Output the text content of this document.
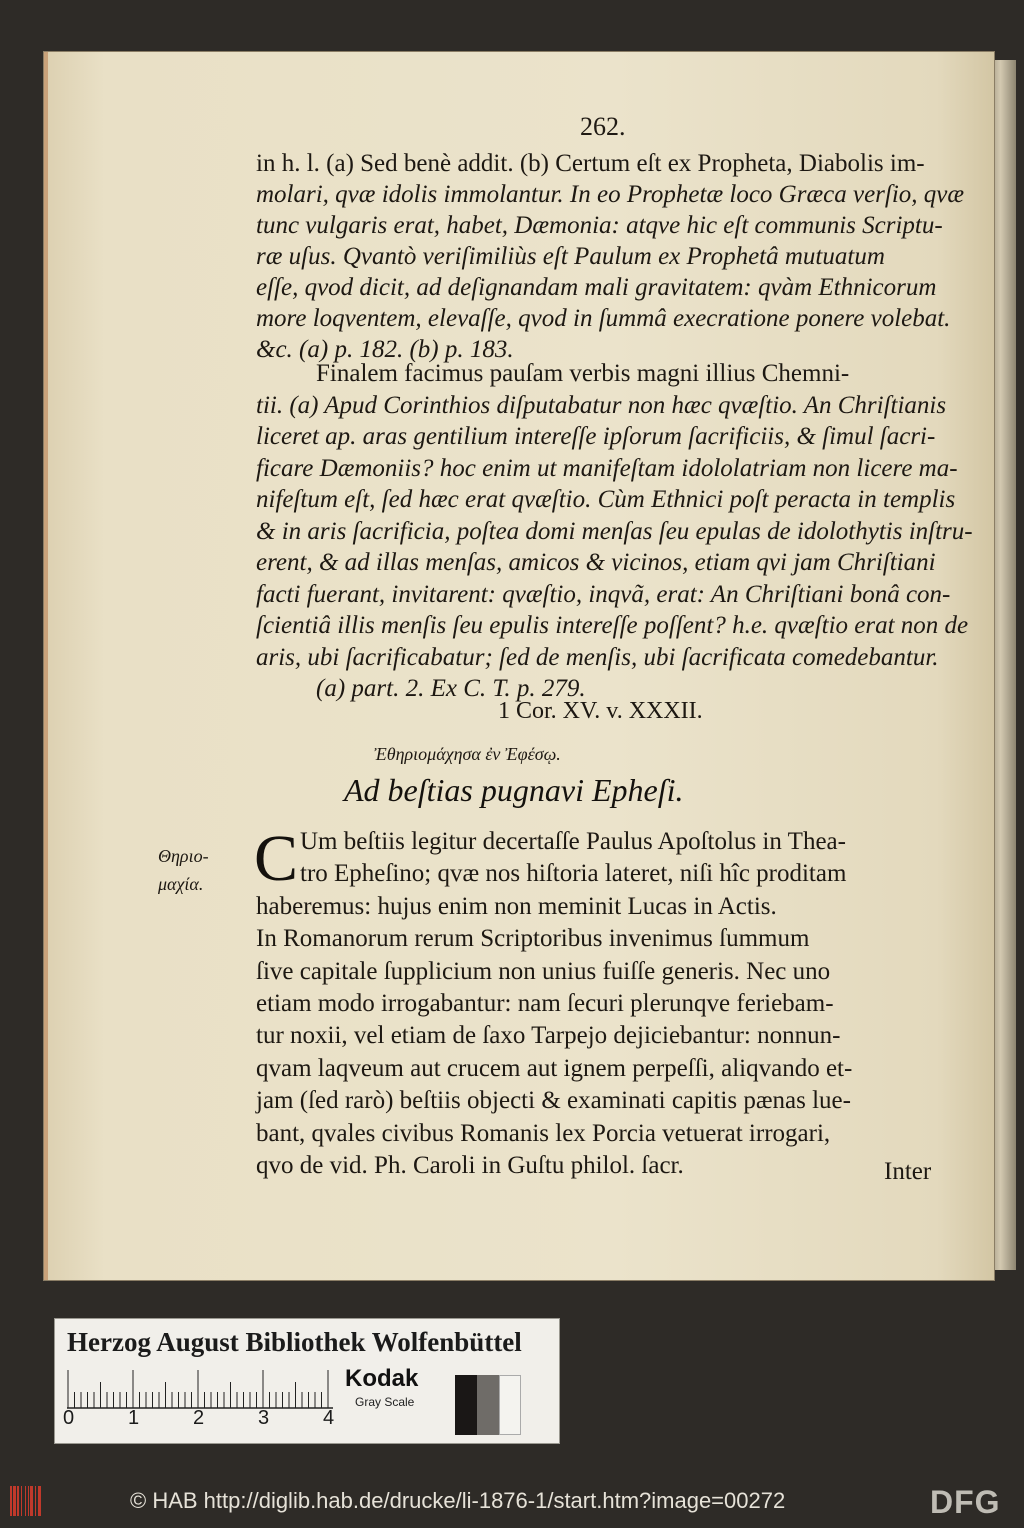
262.
in h. l. (a) Sed benè addit. (b) Certum eſt ex Propheta, Diabolis im-
molari, qvæ idolis immolantur. In eo Prophetæ loco Græca verſio, qvæ
tunc vulgaris erat, habet, Dæmonia: atqve hic eſt communis Scriptu-
ræ uſus. Qvantò veriſimiliùs eſt Paulum ex Prophetâ mutuatum
eſſe, qvod dicit, ad deſignandam mali gravitatem: qvàm Ethnicorum
more loqventem, elevaſſe, qvod in ſummâ execratione ponere volebat.
&c. (a) p. 182. (b) p. 183.
Finalem facimus pauſam verbis magni illius Chemni-
tii. (a) Apud Corinthios diſputabatur non hæc qvæſtio. An Chriſtianis
liceret ap. aras gentilium intereſſe ipſorum ſacrificiis, & ſimul ſacri-
ficare Dæmoniis? hoc enim ut manifeſtam idololatriam non licere ma-
nifeſtum eſt, ſed hæc erat qvæſtio. Cùm Ethnici poſt peracta in templis
& in aris ſacrificia, poſtea domi menſas ſeu epulas de idolothytis inſtru-
erent, & ad illas menſas, amicos & vicinos, etiam qvi jam Chriſtiani
facti fuerant, invitarent: qvæſtio, inqvã, erat: An Chriſtiani bonâ con-
ſcientiâ illis menſis ſeu epulis intereſſe poſſent? h.e. qvæſtio erat non de
aris, ubi ſacrificabatur; ſed de menſis, ubi ſacrificata comedebantur.
(a) part. 2. Ex C. T. p. 279.
Um beſtiis legitur decertaſſe Paulus Apoſtolus in Thea-
tro Epheſino; qvæ nos hiſtoria lateret, niſi hîc proditam
haberemus: hujus enim non meminit Lucas in Actis.
In Romanorum rerum Scriptoribus invenimus ſummum
ſive capitale ſupplicium non unius fuiſſe generis. Nec uno
etiam modo irrogabantur: nam ſecuri plerunqve feriebam-
tur noxii, vel etiam de ſaxo Tarpejo dejiciebantur: nonnun-
qvam laqveum aut crucem aut ignem perpeſſi, aliqvando et-
jam (ſed rarò) beſtiis objecti & examinati capitis pænas lue-
bant, qvales civibus Romanis lex Porcia vetuerat irrogari,
qvo de vid. Ph. Caroli in Guſtu philol. ſacr.
1 Cor. XV. v. XXXII.
Ἐθηριομάχησα ἐν Ἐφέσῳ.
Ad beſtias pugnavi Epheſi.
Θηριο-
μαχία. C
Inter
Herzog August Bibliothek Wolfenbüttel
0	1	2	3	4
Kodak
Gray Scale
© HAB http://diglib.hab.de/drucke/li-1876-1/start.htm?image=00272	DFG
